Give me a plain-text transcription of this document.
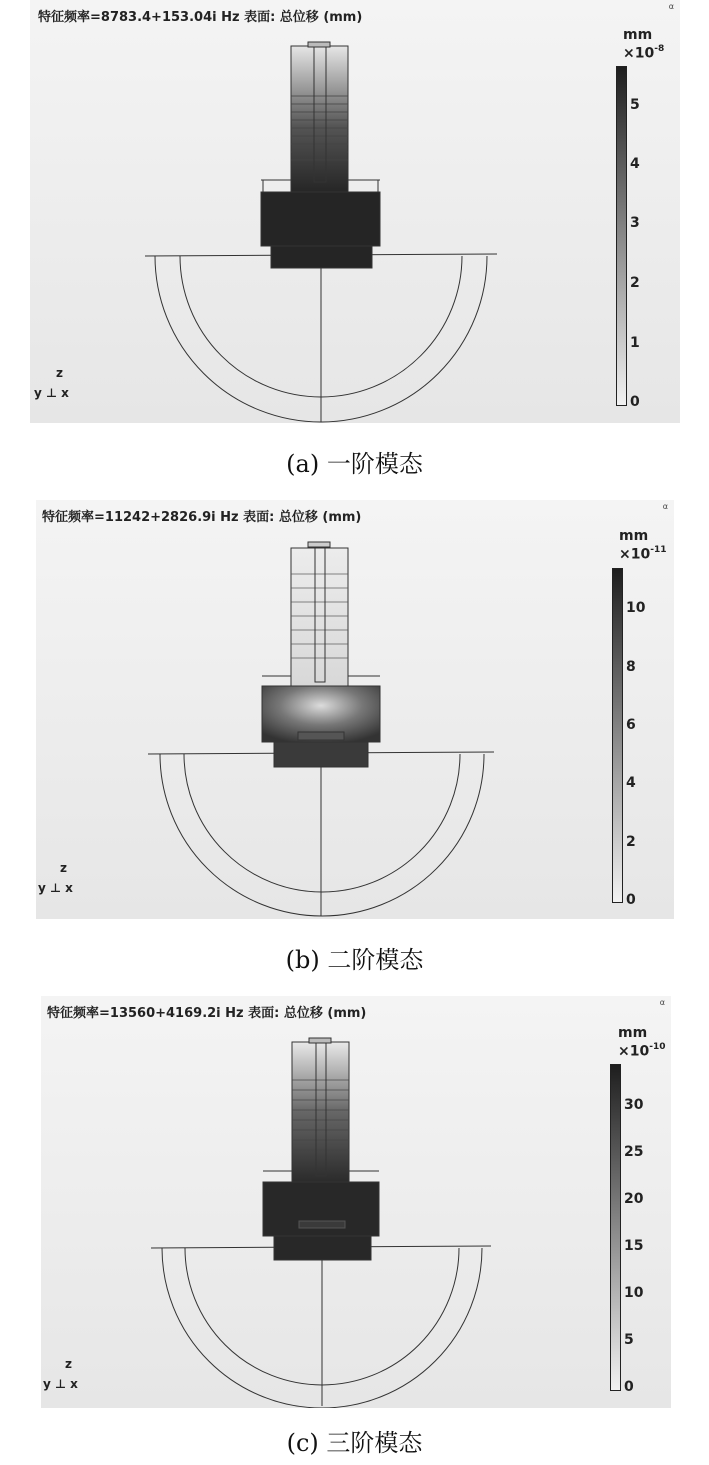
特征频率=8783.4+153.04i Hz 表面: 总位移 (mm)
α
mm
$\times 10^{-8}$
5
4
3
2
1
0
z
y ⊥ x
(a) 一阶模态
特征频率=11242+2826.9i Hz 表面: 总位移 (mm)
α
mm
$\times 10^{-11}$
10
8
6
4
2
0
z
y ⊥ x
(b) 二阶模态
特征频率=13560+4169.2i Hz 表面: 总位移 (mm)
α
mm
$\times 10^{-10}$
30
25
20
15
10
5
0
z
y ⊥ x
(c) 三阶模态
